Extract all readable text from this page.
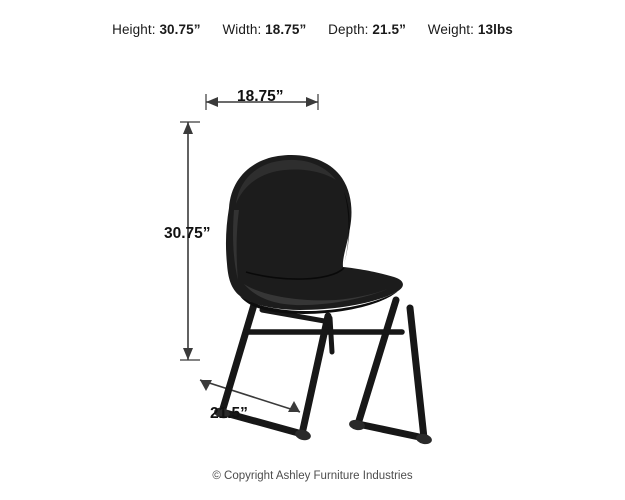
Height: 30.75” Width: 18.75” Depth: 21.5” Weight: 13lbs
18.75”
30.75”
21.5”
© Copyright Ashley Furniture Industries
